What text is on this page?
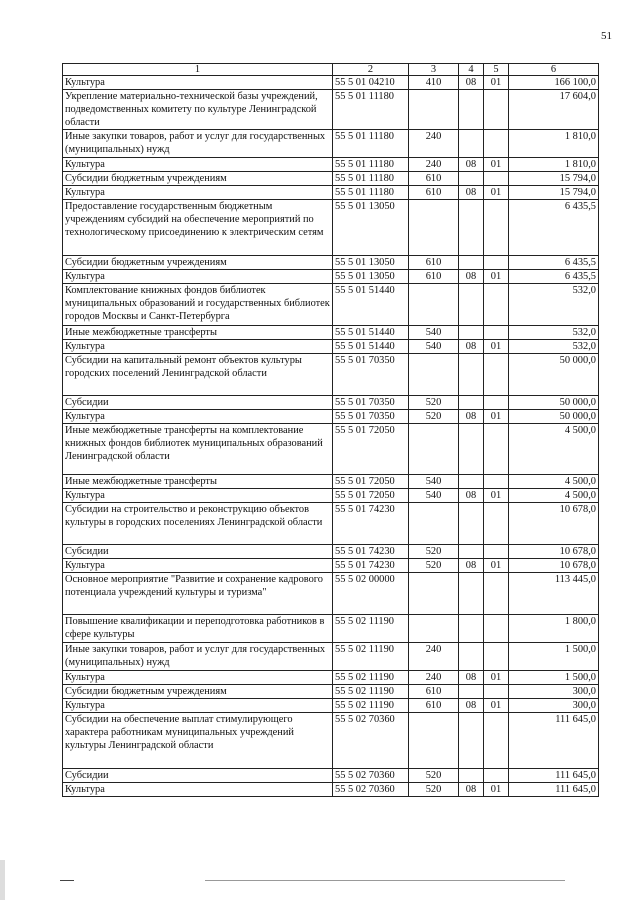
51
1	2	3	4	5	6
Культура	55 5 01 04210	410	08	01	166 100,0
Укрепление материально-технической базы учреждений, подведомственных комитету по культуре Ленинградской области	55 5 01 11180				17 604,0
Иные закупки товаров, работ и услуг для государственных (муниципальных) нужд	55 5 01 11180	240			1 810,0
Культура	55 5 01 11180	240	08	01	1 810,0
Субсидии бюджетным учреждениям	55 5 01 11180	610			15 794,0
Культура	55 5 01 11180	610	08	01	15 794,0
Предоставление государственным бюджетным учреждениям субсидий на обеспечение мероприятий по технологическому присоединению к электрическим сетям	55 5 01 13050				6 435,5
Субсидии бюджетным учреждениям	55 5 01 13050	610			6 435,5
Культура	55 5 01 13050	610	08	01	6 435,5
Комплектование книжных фондов библиотек муниципальных образований и государственных библиотек городов Москвы и Санкт-Петербурга	55 5 01 51440				532,0
Иные межбюджетные трансферты	55 5 01 51440	540			532,0
Культура	55 5 01 51440	540	08	01	532,0
Субсидии на капитальный ремонт объектов культуры городских поселений Ленинградской области	55 5 01 70350				50 000,0
Субсидии	55 5 01 70350	520			50 000,0
Культура	55 5 01 70350	520	08	01	50 000,0
Иные межбюджетные трансферты на комплектование книжных фондов библиотек муниципальных образований Ленинградской области	55 5 01 72050				4 500,0
Иные межбюджетные трансферты	55 5 01 72050	540			4 500,0
Культура	55 5 01 72050	540	08	01	4 500,0
Субсидии на строительство и реконструкцию объектов культуры в городских поселениях Ленинградской области	55 5 01 74230				10 678,0
Субсидии	55 5 01 74230	520			10 678,0
Культура	55 5 01 74230	520	08	01	10 678,0
Основное мероприятие "Развитие и сохранение кадрового потенциала учреждений культуры и туризма"	55 5 02 00000				113 445,0
Повышение квалификации и переподготовка работников в сфере культуры	55 5 02 11190				1 800,0
Иные закупки товаров, работ и услуг для государственных (муниципальных) нужд	55 5 02 11190	240			1 500,0
Культура	55 5 02 11190	240	08	01	1 500,0
Субсидии бюджетным учреждениям	55 5 02 11190	610			300,0
Культура	55 5 02 11190	610	08	01	300,0
Субсидии на обеспечение выплат стимулирующего характера работникам муниципальных учреждений культуры Ленинградской области	55 5 02 70360				111 645,0
Субсидии	55 5 02 70360	520			111 645,0
Культура	55 5 02 70360	520	08	01	111 645,0
